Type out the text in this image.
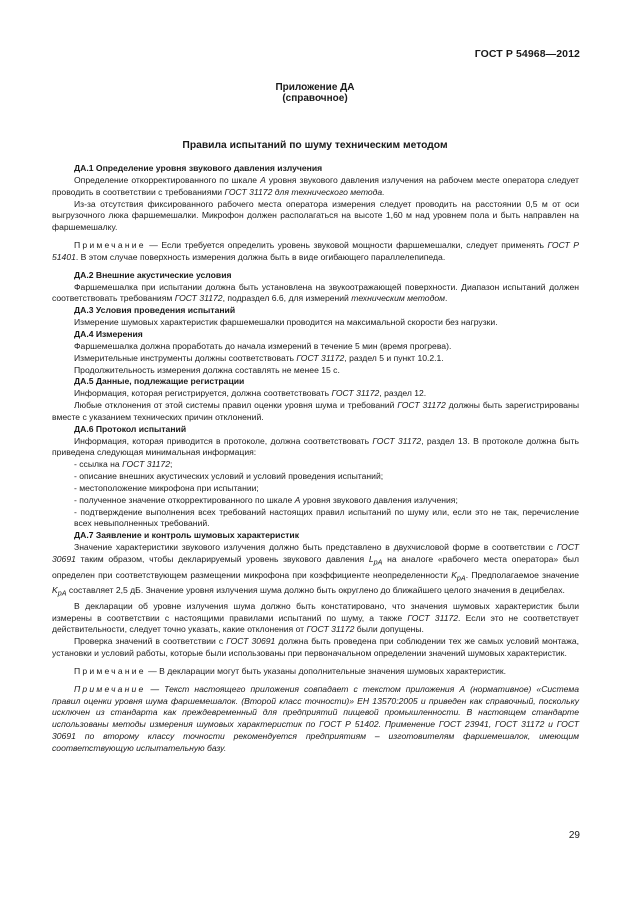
ГОСТ Р 54968—2012
Приложение ДА
(справочное)
Правила испытаний по шуму техническим методом

ДА.1 Определение уровня звукового давления излучения

Определение откорректированного по шкале А уровня звукового давления излучения на рабочем месте оператора следует проводить в соответствии с требованиями ГОСТ 31172 для технического метода.

Из-за отсутствия фиксированного рабочего места оператора измерения следует проводить на расстоянии 0,5 м от оси выгрузочного люка фаршемешалки. Микрофон должен располагаться на высоте 1,60 м над уровнем пола и быть направлен на фаршемешалку.

Примечание — Если требуется определить уровень звуковой мощности фаршемешалки, следует применять ГОСТ Р 51401. В этом случае поверхность измерения должна быть в виде огибающего параллелепипеда.

ДА.2 Внешние акустические условия

Фаршемешалка при испытании должна быть установлена на звукоотражающей поверхности. Диапазон испытаний должен соответствовать требованиям ГОСТ 31172, подраздел 6.6, для измерений техническим методом.

ДА.3 Условия проведения испытаний

Измерение шумовых характеристик фаршемешалки проводится на максимальной скорости без нагрузки.

ДА.4 Измерения

Фаршемешалка должна проработать до начала измерений в течение 5 мин (время прогрева).

Измерительные инструменты должны соответствовать ГОСТ 31172, раздел 5 и пункт 10.2.1.

Продолжительность измерения должна составлять не менее 15 с.

ДА.5 Данные, подлежащие регистрации

Информация, которая регистрируется, должна соответствовать ГОСТ 31172, раздел 12.

Любые отклонения от этой системы правил оценки уровня шума и требований ГОСТ 31172 должны быть зарегистрированы вместе с указанием технических причин отклонений.

ДА.6 Протокол испытаний

Информация, которая приводится в протоколе, должна соответствовать ГОСТ 31172, раздел 13. В протоколе должна быть приведена следующая минимальная информация:

- ссылка на ГОСТ 31172;

- описание внешних акустических условий и условий проведения испытаний;

- местоположение микрофона при испытании;

- полученное значение откорректированного по шкале А уровня звукового давления излучения;

- подтверждение выполнения всех требований настоящих правил испытаний по шуму или, если это не так, перечисление всех невыполненных требований.

ДА.7 Заявление и контроль шумовых характеристик

Значение характеристики звукового излучения должно быть представлено в двухчисловой форме в соответствии с ГОСТ 30691 таким образом, чтобы декларируемый уровень звукового давления $L_{pA}$ на аналоге «рабочего места оператора» был определен при соответствующем размещении микрофона при коэффициенте неопределенности $K_{pA}$. Предполагаемое значение $K_{pA}$ составляет 2,5 дБ. Значение уровня излучения шума должно быть округлено до ближайшего целого значения в децибелах.

В декларации об уровне излучения шума должно быть констатировано, что значения шумовых характеристик были измерены в соответствии с настоящими правилами испытаний по шуму, а также ГОСТ 31172. Если это не соответствует действительности, следует точно указать, какие отклонения от ГОСТ 31172 были допущены.

Проверка значений в соответствии с ГОСТ 30691 должна быть проведена при соблюдении тех же самых условий монтажа, установки и условий работы, которые были использованы при первоначальном определении значений шумовых характеристик.

Примечание — В декларации могут быть указаны дополнительные значения шумовых характеристик.

Примечание — Текст настоящего приложения совпадает с текстом приложения А (нормативное) «Система правил оценки уровня шума фаршемешалок. (Второй класс точности)» ЕН 13570:2005 и приведен как справочный, поскольку исключен из стандарта как преждевременный для предприятий пищевой промышленности. В настоящем стандарте использованы методы измерения шумовых характеристик по ГОСТ Р 51402. Применение ГОСТ 23941, ГОСТ 31172 и ГОСТ 30691 по второму классу точности рекомендуется предприятиям – изготовителям фаршемешалок, имеющим соответствующую испытательную базу.

29
